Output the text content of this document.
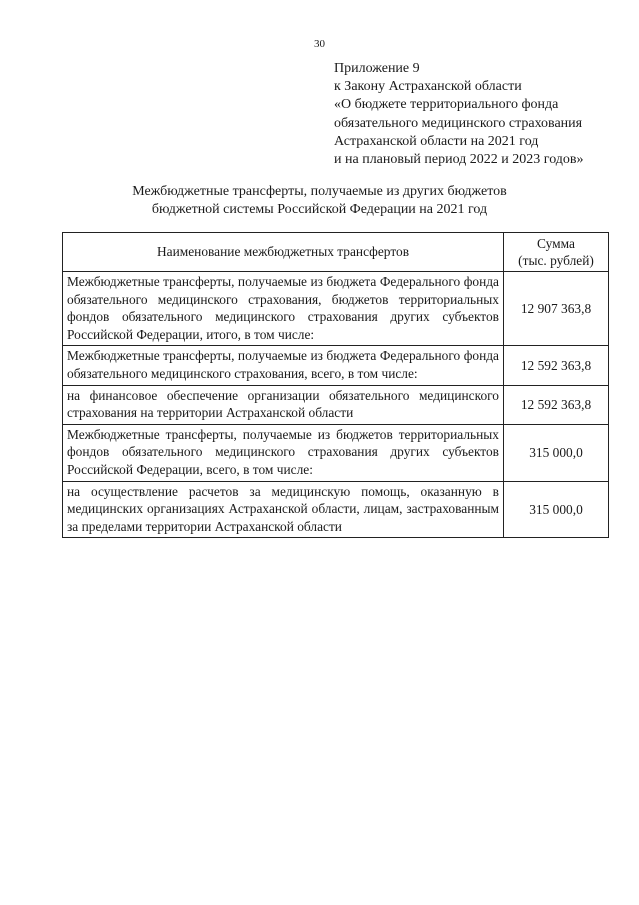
30
Приложение 9
к Закону Астраханской области
«О бюджете территориального фонда
обязательного медицинского страхования
Астраханской области на 2021 год
и на плановый период 2022 и 2023 годов»
Межбюджетные трансферты, получаемые из других бюджетов
бюджетной системы Российской Федерации на 2021 год
Наименование межбюджетных трансфертов	Сумма
(тыс. рублей)

Межбюджетные трансферты, получаемые из бюджета Федерального фонда обязательного медицинского страхования, бюджетов территориальных фондов обязательного медицинского страхования других субъектов Российской Федерации, итого, в том числе:	12 907 363,8
Межбюджетные трансферты, получаемые из бюджета Федерального фонда обязательного медицинского страхования, всего, в том числе:	12 592 363,8
на финансовое обеспечение организации обязательного медицинского страхования на территории Астраханской области	12 592 363,8
Межбюджетные трансферты, получаемые из бюджетов территориальных фондов обязательного медицинского страхования других субъектов Российской Федерации, всего, в том числе:	315 000,0
на осуществление расчетов за медицинскую помощь, оказанную в медицинских организациях Астраханской области, лицам, застрахованным за пределами территории Астраханской области	315 000,0
